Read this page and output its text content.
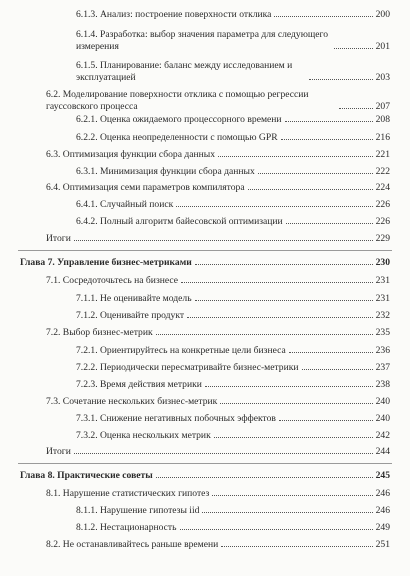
6.1.3. Анализ: построение поверхности отклика	200
6.1.4. Разработка: выбор значения параметра для следующего измерения	201
6.1.5. Планирование: баланс между исследованием и эксплуатацией	203
6.2. Моделирование поверхности отклика с помощью регрессии гауссовского процесса	207
6.2.1. Оценка ожидаемого процессорного времени	208
6.2.2. Оценка неопределенности с помощью GPR	216
6.3. Оптимизация функции сбора данных	221
6.3.1. Минимизация функции сбора данных	222
6.4. Оптимизация семи параметров компилятора	224
6.4.1. Случайный поиск	226
6.4.2. Полный алгоритм байесовской оптимизации	226
Итоги	229
Глава 7. Управление бизнес-метриками	230
7.1. Сосредоточьтесь на бизнесе	231
7.1.1. Не оценивайте модель	231
7.1.2. Оценивайте продукт	232
7.2. Выбор бизнес-метрик	235
7.2.1. Ориентируйтесь на конкретные цели бизнеса	236
7.2.2. Периодически пересматривайте бизнес-метрики	237
7.2.3. Время действия метрики	238
7.3. Сочетание нескольких бизнес-метрик	240
7.3.1. Снижение негативных побочных эффектов	240
7.3.2. Оценка нескольких метрик	242
Итоги	244
Глава 8. Практические советы	245
8.1. Нарушение статистических гипотез	246
8.1.1. Нарушение гипотезы iid	246
8.1.2. Нестационарность	249
8.2. Не останавливайтесь раньше времени	251
